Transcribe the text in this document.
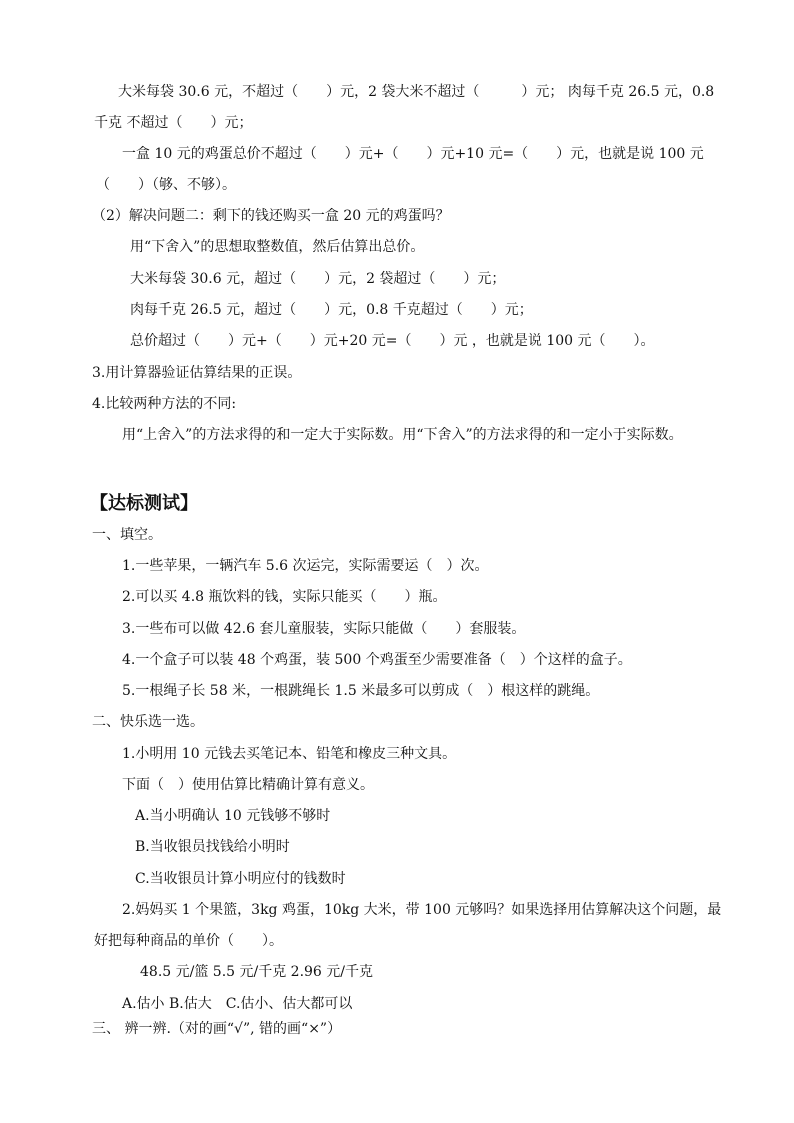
大米每袋 30.6 元，不超过（　　）元，2 袋大米不超过（　　　）元； 肉每千克 26.5 元，0.8
千克 不超过（　　）元；
一盒 10 元的鸡蛋总价不超过（　　）元+（　　）元+10 元=（　　）元，也就是说 100 元
（　　）（够、不够）。
（2）解决问题二：剩下的钱还购买一盒 20 元的鸡蛋吗？
用“下舍入”的思想取整数值，然后估算出总价。
大米每袋 30.6 元，超过（　　）元，2 袋超过（　　）元；
肉每千克 26.5 元，超过（　　）元，0.8 千克超过（　　）元；
总价超过（　　）元+（　　）元+20 元=（　　）元 ，也就是说 100 元（　　）。
3.用计算器验证估算结果的正误。
4.比较两种方法的不同:
用“上舍入”的方法求得的和一定大于实际数。用“下舍入”的方法求得的和一定小于实际数。
【达标测试】
一、填空。
1.一些苹果，一辆汽车 5.6 次运完，实际需要运（　）次。
2.可以买 4.8 瓶饮料的钱，实际只能买（　　）瓶。
3.一些布可以做 42.6 套儿童服装，实际只能做（　　）套服装。
4.一个盒子可以装 48 个鸡蛋，装 500 个鸡蛋至少需要准备（　）个这样的盒子。
5.一根绳子长 58 米，一根跳绳长 1.5 米最多可以剪成（　）根这样的跳绳。
二、快乐选一选。
1.小明用 10 元钱去买笔记本、铅笔和橡皮三种文具。
下面（　）使用估算比精确计算有意义。
A.当小明确认 10 元钱够不够时
B.当收银员找钱给小明时
C.当收银员计算小明应付的钱数时
2.妈妈买 1 个果篮，3kg 鸡蛋，10kg 大米，带 100 元够吗？如果选择用估算解决这个问题，最
好把每种商品的单价（　　）。
48.5 元/篮 5.5 元/千克 2.96 元/千克
A.估小 B.估大　C.估小、估大都可以
三、 辨一辨.（对的画“√”, 错的画“×”）
